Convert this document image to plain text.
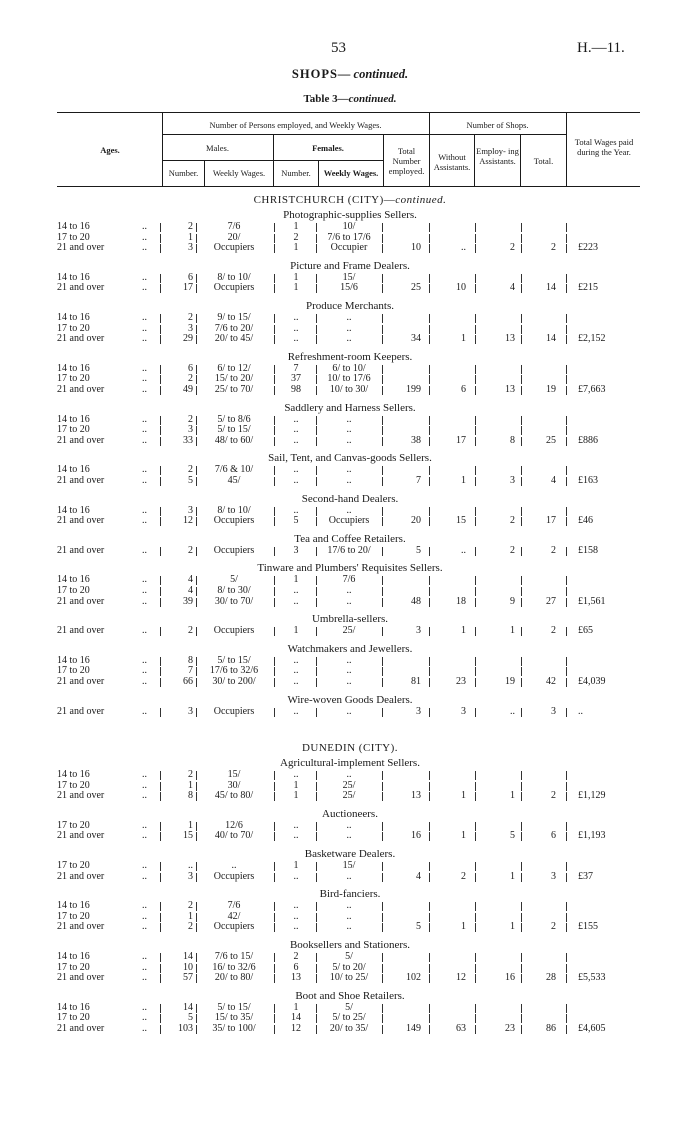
53	H.—11.
SHOPS— continued.
Table 3—continued.
Ages.
Number of Persons employed, and Weekly Wages.	Number of Shops.
Males.	Females.
Number.	Weekly Wages.	Number.	Weekly Wages.
Total Number employed.
Without Assistants.
Employ- ing Assistants.	Total.
Total Wages paid during the Year.
CHRISTCHURCH (CITY)—continued.
Photographic-supplies Sellers.
14 to 16	..	2	7/6	1	10/
17 to 20	..	1	20/	2	7/6 to 17/6
21 and over	..	3	Occupiers	1	Occupier	10	..	2	2 £223
Picture and Frame Dealers.
14 to 16	..	6	8/ to 10/	1	15/
21 and over	..	17	Occupiers	1	15/6	25	10	4	14 £215
Produce Merchants.
14 to 16	..	2	9/ to 15/	..	..
17 to 20	..	3	7/6 to 20/	..	..
21 and over	..	29	20/ to 45/	..	..	34	1	13	14 £2,152
Refreshment-room Keepers.
14 to 16	..	6	6/ to 12/	7	6/ to 10/
17 to 20	..	2	15/ to 20/	37	10/ to 17/6
21 and over	..	49	25/ to 70/	98	10/ to 30/	199	6	13	19 £7,663
Saddlery and Harness Sellers.
14 to 16	..	2	5/ to 8/6	..	..
17 to 20	..	3	5/ to 15/	..	..
21 and over	..	33	48/ to 60/	..	..	38	17	8	25 £886
Sail, Tent, and Canvas-goods Sellers.
14 to 16	..	2	7/6 & 10/	..	..
21 and over	..	5	45/	..	..	7	1	3	4 £163
Second-hand Dealers.
14 to 16	..	3	8/ to 10/	..	..
21 and over	..	12	Occupiers	5	Occupiers	20	15	2	17 £46
Tea and Coffee Retailers.
21 and over	..	2	Occupiers	3	17/6 to 20/	5	..	2	2 £158
Tinware and Plumbers' Requisites Sellers.
14 to 16	..	4	5/	1	7/6
17 to 20	..	4	8/ to 30/	..	..
21 and over	..	39	30/ to 70/	..	..	48	18	9	27 £1,561
Umbrella-sellers.
21 and over	..	2	Occupiers	1	25/	3	1	1	2 £65
Watchmakers and Jewellers.
14 to 16	..	8	5/ to 15/	..	..
17 to 20	..	7	17/6 to 32/6	..	..
21 and over	..	66	30/ to 200/	..	..	81	23	19	42 £4,039
Wire-woven Goods Dealers.
21 and over	..	3	Occupiers	..	..	3	3	..	3 ..
DUNEDIN (CITY).
Agricultural-implement Sellers.
14 to 16	..	2	15/	..	..
17 to 20	..	1	30/	1	25/
21 and over	..	8	45/ to 80/	1	25/	13	1	1	2 £1,129
Auctioneers.
17 to 20	..	1	12/6	..	..
21 and over	..	15	40/ to 70/	..	..	16	1	5	6 £1,193
Basketware Dealers.
17 to 20	..	..	..	1	15/
21 and over	..	3	Occupiers	..	..	4	2	1	3 £37
Bird-fanciers.
14 to 16	..	2	7/6	..	..
17 to 20	..	1	42/	..	..
21 and over	..	2	Occupiers	..	..	5	1	1	2 £155
Booksellers and Stationers.
14 to 16	..	14	7/6 to 15/	2	5/
17 to 20	..	10	16/ to 32/6	6	5/ to 20/
21 and over	..	57	20/ to 80/	13	10/ to 25/	102	12	16	28 £5,533
Boot and Shoe Retailers.
14 to 16	..	14	5/ to 15/	1	5/
17 to 20	..	5	15/ to 35/	14	5/ to 25/
21 and over	..	103	35/ to 100/	12	20/ to 35/	149	63	23	86 £4,605
